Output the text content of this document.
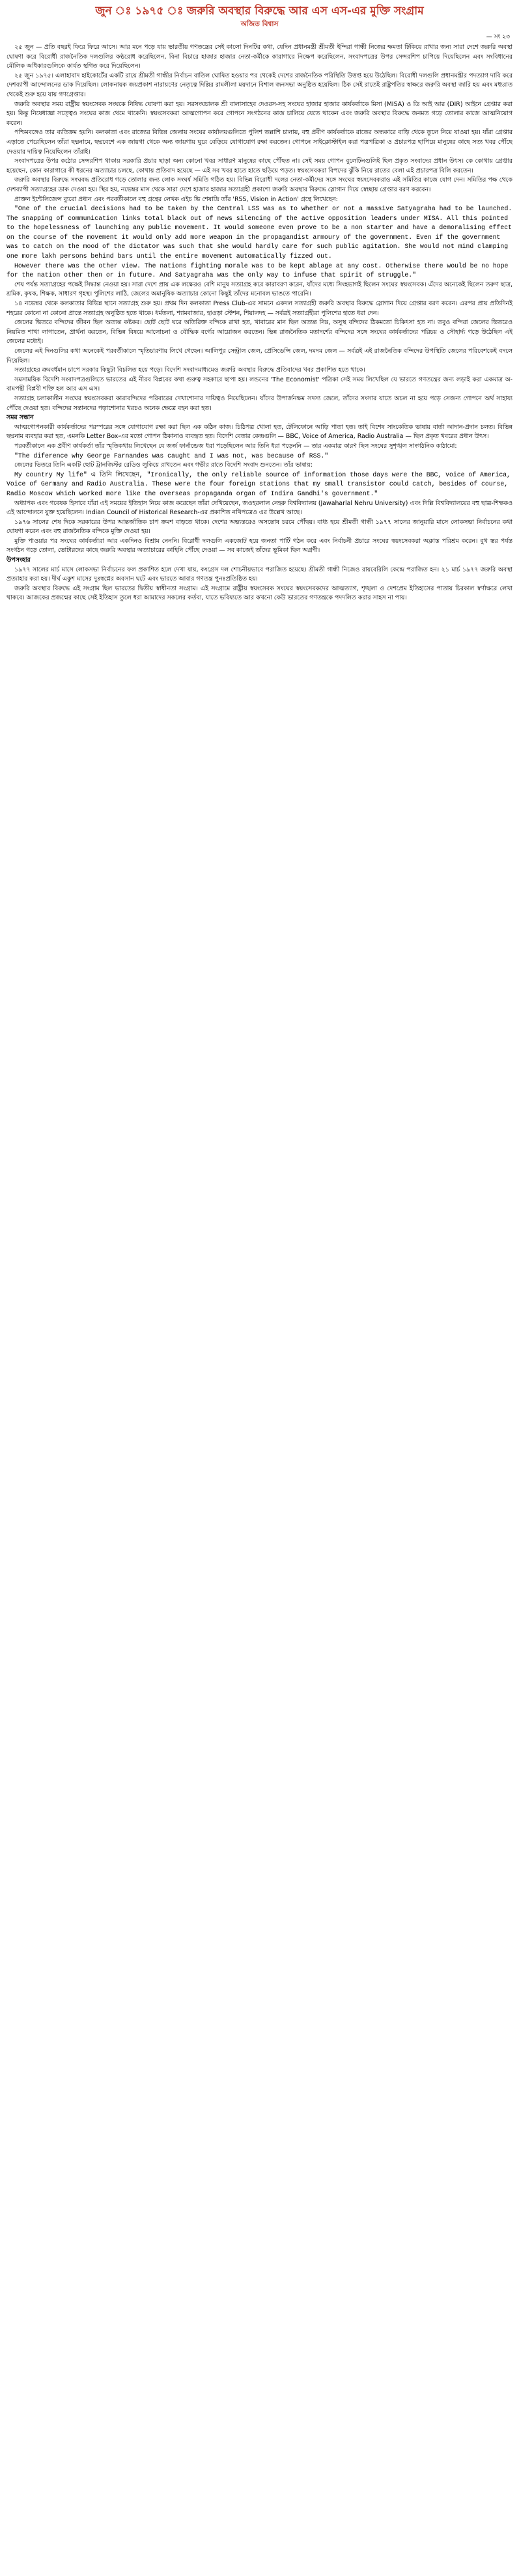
জুন ঃ ১৯৭৫ ঃ জরুরি অবস্থার বিরুদ্ধে আর এস এস-এর মুক্তি সংগ্রাম
অজিত বিশ্বাস
— সং ২৩

২৫ জুন — প্রতি বছরই ফিরে ফিরে আসে। আর মনে পড়ে যায় ভারতীয় গণতন্ত্রের সেই কালো দিনটির কথা, যেদিন প্রধানমন্ত্রী শ্রীমতী ইন্দিরা গান্ধী নিজের ক্ষমতা টিকিয়ে রাখার জন্য সারা দেশে জরুরি অবস্থা ঘোষণা করে বিরোধী রাজনৈতিক দলগুলির কণ্ঠরোধ করেছিলেন, বিনা বিচারে হাজার হাজার নেতা-কর্মীকে কারাগারে নিক্ষেপ করেছিলেন, সংবাদপত্রের উপর সেন্সরশিপ চাপিয়ে দিয়েছিলেন এবং সংবিধানের মৌলিক অধিকারগুলিকে কার্যত স্থগিত করে দিয়েছিলেন।

২৫ জুন ১৯৭৫। এলাহাবাদ হাইকোর্টের একটি রায়ে শ্রীমতী গান্ধীর নির্বাচন বাতিল ঘোষিত হওয়ার পর থেকেই দেশের রাজনৈতিক পরিস্থিতি উত্তপ্ত হয়ে উঠেছিল। বিরোধী দলগুলি প্রধানমন্ত্রীর পদত্যাগ দাবি করে দেশব্যাপী আন্দোলনের ডাক দিয়েছিল। লোকনায়ক জয়প্রকাশ নারায়ণের নেতৃত্বে দিল্লির রামলীলা ময়দানে বিশাল জনসভা অনুষ্ঠিত হয়েছিল। ঠিক সেই রাতেই রাষ্ট্রপতির স্বাক্ষরে জরুরি অবস্থা জারি হয় এবং মধ্যরাত থেকেই শুরু হয়ে যায় গণগ্রেপ্তার।

জরুরি অবস্থার সময় রাষ্ট্রীয় স্বয়ংসেবক সংঘকে নিষিদ্ধ ঘোষণা করা হয়। সরসংঘচালক শ্রী বালাসাহেব দেওরস-সহ সংঘের হাজার হাজার কার্যকর্তাকে মিসা (MISA) ও ডি আই আর (DIR) আইনে গ্রেপ্তার করা হয়। কিন্তু নিষেধাজ্ঞা সত্ত্বেও সংঘের কাজ থেমে থাকেনি। স্বয়ংসেবকরা আত্মগোপন করে গোপনে সংগঠনের কাজ চালিয়ে যেতে থাকেন এবং জরুরি অবস্থার বিরুদ্ধে জনমত গড়ে তোলার কাজে আত্মনিয়োগ করেন।

পশ্চিমবঙ্গেও তার ব্যতিক্রম হয়নি। কলকাতা এবং রাজ্যের বিভিন্ন জেলায় সংঘের কার্যালয়গুলিতে পুলিশ তল্লাশি চালায়, বহু প্রবীণ কার্যকর্তাকে রাতের অন্ধকারে বাড়ি থেকে তুলে নিয়ে যাওয়া হয়। যাঁরা গ্রেপ্তার এড়াতে পেরেছিলেন তাঁরা ছদ্মনামে, ছদ্মবেশে এক জায়গা থেকে অন্য জায়গায় ঘুরে বেড়িয়ে যোগাযোগ রক্ষা করতেন। গোপনে সাইক্লোস্টাইল করা পত্রপত্রিকা ও প্রচারপত্র ছাপিয়ে মানুষের কাছে সত্য খবর পৌঁছে দেওয়ার দায়িত্ব নিয়েছিলেন তাঁরাই।

সংবাদপত্রের উপর কঠোর সেন্সরশিপ থাকায় সরকারি প্রচার ছাড়া অন্য কোনো খবর সাধারণ মানুষের কাছে পৌঁছত না। সেই সময় গোপন বুলেটিনগুলিই ছিল প্রকৃত সংবাদের প্রধান উৎস। কে কোথায় গ্রেপ্তার হয়েছেন, কোন কারাগারে কী ধরনের অত্যাচার চলছে, কোথায় প্রতিবাদ হয়েছে — এই সব খবর হাতে হাতে ছড়িয়ে পড়ত। স্বয়ংসেবকরা বিপদের ঝুঁকি নিয়ে রাতের বেলা এই প্রচারপত্র বিলি করতেন।

জরুরি অবস্থার বিরুদ্ধে সংঘবদ্ধ প্রতিরোধ গড়ে তোলার জন্য লোক সংঘর্ষ সমিতি গঠিত হয়। বিভিন্ন বিরোধী দলের নেতা-কর্মীদের সঙ্গে সংঘের স্বয়ংসেবকরাও এই সমিতির কাজে যোগ দেন। সমিতির পক্ষ থেকে দেশব্যাপী সত্যাগ্রহের ডাক দেওয়া হয়। স্থির হয়, নভেম্বর মাস থেকে সারা দেশে হাজার হাজার সত্যাগ্রহী প্রকাশ্যে জরুরি অবস্থার বিরুদ্ধে স্লোগান দিয়ে স্বেচ্ছায় গ্রেপ্তার বরণ করবেন।

প্রাক্তন ইন্টেলিজেন্স ব্যুরো প্রধান এবং পরবর্তীকালে বহু গ্রন্থের লেখক এইচ ভি শেষাদ্রি তাঁর 'RSS, Vision in Action' গ্রন্থে লিখেছেন:

"One of the crucial decisions had to be taken by the Central LSS was as to whether or not a massive Satyagraha had to be launched. The snapping of communication links total black out of news silencing of the active opposition leaders under MISA. All this pointed to the hopelessness of launching any public movement. It would someone even prove to be a non starter and have a demoralising effect on the course of the movement it would only add more weapon in the propagandist armoury of the government. Even if the government was to catch on the mood of the dictator was such that she would hardly care for such public agitation. She would not mind clamping one more lakh persons behind bars until the entire movement automatically fizzed out.

However there was the other view. The nations fighting morale was to be kept ablage at any cost. Otherwise there would be no hope for the nation other then or in future. And Satyagraha was the only way to infuse that spirit of struggle."

শেষ পর্যন্ত সত্যাগ্রহের পক্ষেই সিদ্ধান্ত নেওয়া হয়। সারা দেশে প্রায় এক লক্ষেরও বেশি মানুষ সত্যাগ্রহ করে কারাবরণ করেন, যাঁদের মধ্যে সিংহভাগই ছিলেন সংঘের স্বয়ংসেবক। এঁদের অনেকেই ছিলেন তরুণ ছাত্র, শ্রমিক, কৃষক, শিক্ষক, সাধারণ গৃহস্থ। পুলিশের লাঠি, জেলের অমানুষিক অত্যাচার কোনো কিছুই তাঁদের মনোবল ভাঙতে পারেনি।

১৪ নভেম্বর থেকে কলকাতার বিভিন্ন স্থানে সত্যাগ্রহ শুরু হয়। প্রথম দিন কলকাতা Press Club-এর সামনে একদল সত্যাগ্রহী জরুরি অবস্থার বিরুদ্ধে স্লোগান দিয়ে গ্রেপ্তার বরণ করেন। এরপর প্রায় প্রতিদিনই শহরের কোনো না কোনো প্রান্তে সত্যাগ্রহ অনুষ্ঠিত হতে থাকে। ধর্মতলা, শ্যামবাজার, হাওড়া স্টেশন, শিয়ালদহ — সর্বত্রই সত্যাগ্রহীরা পুলিশের হাতে ধরা দেন।

জেলের ভিতরে বন্দিদের জীবন ছিল অত্যন্ত কষ্টকর। ছোট ছোট ঘরে অতিরিক্ত বন্দিকে রাখা হত, খাবারের মান ছিল অত্যন্ত নিম্ন, অসুস্থ বন্দিদের ঠিকমতো চিকিৎসা হত না। তবুও বন্দিরা জেলের ভিতরেও নিয়মিত শাখা লাগাতেন, প্রার্থনা করতেন, বিভিন্ন বিষয়ে আলোচনা ও বৌদ্ধিক বর্গের আয়োজন করতেন। ভিন্ন রাজনৈতিক মতাদর্শের বন্দিদের সঙ্গে সংঘের কার্যকর্তাদের পরিচয় ও সৌহার্দ্য গড়ে উঠেছিল এই জেলের মধ্যেই।

জেলের এই দিনগুলির কথা অনেকেই পরবর্তীকালে স্মৃতিচারণায় লিখে গেছেন। আলিপুর সেন্ট্রাল জেল, প্রেসিডেন্সি জেল, দমদম জেল — সর্বত্রই এই রাজনৈতিক বন্দিদের উপস্থিতি জেলের পরিবেশকেই বদলে দিয়েছিল।

সত্যাগ্রহের ক্রমবর্ধমান চাপে সরকার কিছুটা বিচলিত হয়ে পড়ে। বিদেশি সংবাদমাধ্যমেও জরুরি অবস্থার বিরুদ্ধে প্রতিবাদের খবর প্রকাশিত হতে থাকে।

সমসাময়িক বিদেশি সংবাদপত্রগুলিতে ভারতের এই নীরব বিপ্লবের কথা গুরুত্ব সহকারে ছাপা হয়। লন্ডনের 'The Economist' পত্রিকা সেই সময় লিখেছিল যে ভারতে গণতন্ত্রের জন্য লড়াই করা একমাত্র অ-বামপন্থী বিপ্লবী শক্তি হল আর এস এস।

সত্যাগ্রহ চলাকালীন সংঘের স্বয়ংসেবকরা কারাবন্দিদের পরিবারের দেখাশোনার দায়িত্বও নিয়েছিলেন। যাঁদের উপার্জনক্ষম সদস্য জেলে, তাঁদের সংসার যাতে অচল না হয়ে পড়ে সেজন্য গোপনে অর্থ সাহায্য পৌঁছে দেওয়া হত। বন্দিদের সন্তানদের পড়াশোনার খরচও অনেক ক্ষেত্রে বহন করা হত।

সমর সন্ধান

আত্মগোপনকারী কার্যকর্তাদের পরস্পরের সঙ্গে যোগাযোগ রক্ষা করা ছিল এক কঠিন কাজ। চিঠিপত্র খোলা হত, টেলিফোনে আড়ি পাতা হত। তাই বিশেষ সাংকেতিক ভাষায় বার্তা আদান-প্রদান চলত। বিভিন্ন ছদ্মনাম ব্যবহার করা হত, এমনকি Letter Box-এর মতো গোপন ঠিকানাও ব্যবহৃত হত। বিদেশি বেতার কেন্দ্রগুলি — BBC, Voice of America, Radio Australia — ছিল প্রকৃত খবরের প্রধান উৎস।

পরবর্তীকালে এক প্রবীণ কার্যকর্তা তাঁর স্মৃতিকথায় লিখেছেন যে জর্জ ফার্নান্ডেজ ধরা পড়েছিলেন আর তিনি ধরা পড়েননি — তার একমাত্র কারণ ছিল সংঘের সুশৃঙ্খল সাংগঠনিক কাঠামো:

"The diference why George Farnandes was caught and I was not, was because of RSS."

জেলের ভিতরে তিনি একটি ছোট ট্রানজিস্টর রেডিও লুকিয়ে রাখতেন এবং গভীর রাতে বিদেশি সংবাদ শুনতেন। তাঁর ভাষায়:

My country My life" এ তিনি লিখেছেন, "Ironically, the only reliable source of information those days were the BBC, voice of America, Voice of Germany and Radio Australia. These were the four foreign stations that my small transistor could catch, besides of course, Radio Moscow which worked more like the overseas propaganda organ of Indira Gandhi's government."

অধ্যাপক এবং গবেষক হিসাবে যাঁরা এই সময়ের ইতিহাস নিয়ে কাজ করেছেন তাঁরা দেখিয়েছেন, জওহরলাল নেহরু বিশ্ববিদ্যালয় (Jawaharlal Nehru University) এবং দিল্লি বিশ্ববিদ্যালয়ের বহু ছাত্র-শিক্ষকও এই আন্দোলনে যুক্ত হয়েছিলেন। Indian Council of Historical Research-এর প্রকাশিত নথিপত্রেও এর উল্লেখ আছে।

১৯৭৬ সালের শেষ দিকে সরকারের উপর আন্তর্জাতিক চাপ ক্রমশ বাড়তে থাকে। দেশের অভ্যন্তরেও অসন্তোষ চরমে পৌঁছয়। বাধ্য হয়ে শ্রীমতী গান্ধী ১৯৭৭ সালের জানুয়ারি মাসে লোকসভা নির্বাচনের কথা ঘোষণা করেন এবং বহু রাজনৈতিক বন্দিকে মুক্তি দেওয়া হয়।

মুক্তি পাওয়ার পর সংঘের কার্যকর্তারা আর একদিনও বিশ্রাম নেননি। বিরোধী দলগুলি একজোট হয়ে জনতা পার্টি গঠন করে এবং নির্বাচনী প্রচারে সংঘের স্বয়ংসেবকরা অক্লান্ত পরিশ্রম করেন। বুথ স্তর পর্যন্ত সংগঠন গড়ে তোলা, ভোটারদের কাছে জরুরি অবস্থার অত্যাচারের কাহিনি পৌঁছে দেওয়া — সব কাজেই তাঁদের ভূমিকা ছিল অগ্রণী।

উপসংহার

১৯৭৭ সালের মার্চ মাসে লোকসভা নির্বাচনের ফল প্রকাশিত হলে দেখা যায়, কংগ্রেস দল শোচনীয়ভাবে পরাজিত হয়েছে। শ্রীমতী গান্ধী নিজেও রায়বেরিলি কেন্দ্রে পরাজিত হন। ২১ মার্চ ১৯৭৭ জরুরি অবস্থা প্রত্যাহার করা হয়। দীর্ঘ একুশ মাসের দুঃস্বপ্নের অবসান ঘটে এবং ভারতে আবার গণতন্ত্র পুনঃপ্রতিষ্ঠিত হয়।

জরুরি অবস্থার বিরুদ্ধে এই সংগ্রাম ছিল ভারতের দ্বিতীয় স্বাধীনতা সংগ্রাম। এই সংগ্রামে রাষ্ট্রীয় স্বয়ংসেবক সংঘের স্বয়ংসেবকদের আত্মত্যাগ, শৃঙ্খলা ও দেশপ্রেম ইতিহাসের পাতায় চিরকাল স্বর্ণাক্ষরে লেখা থাকবে। আজকের প্রজন্মের কাছে সেই ইতিহাস তুলে ধরা আমাদের সকলের কর্তব্য, যাতে ভবিষ্যতে আর কখনো কেউ ভারতের গণতন্ত্রকে পদদলিত করার সাহস না পায়।
